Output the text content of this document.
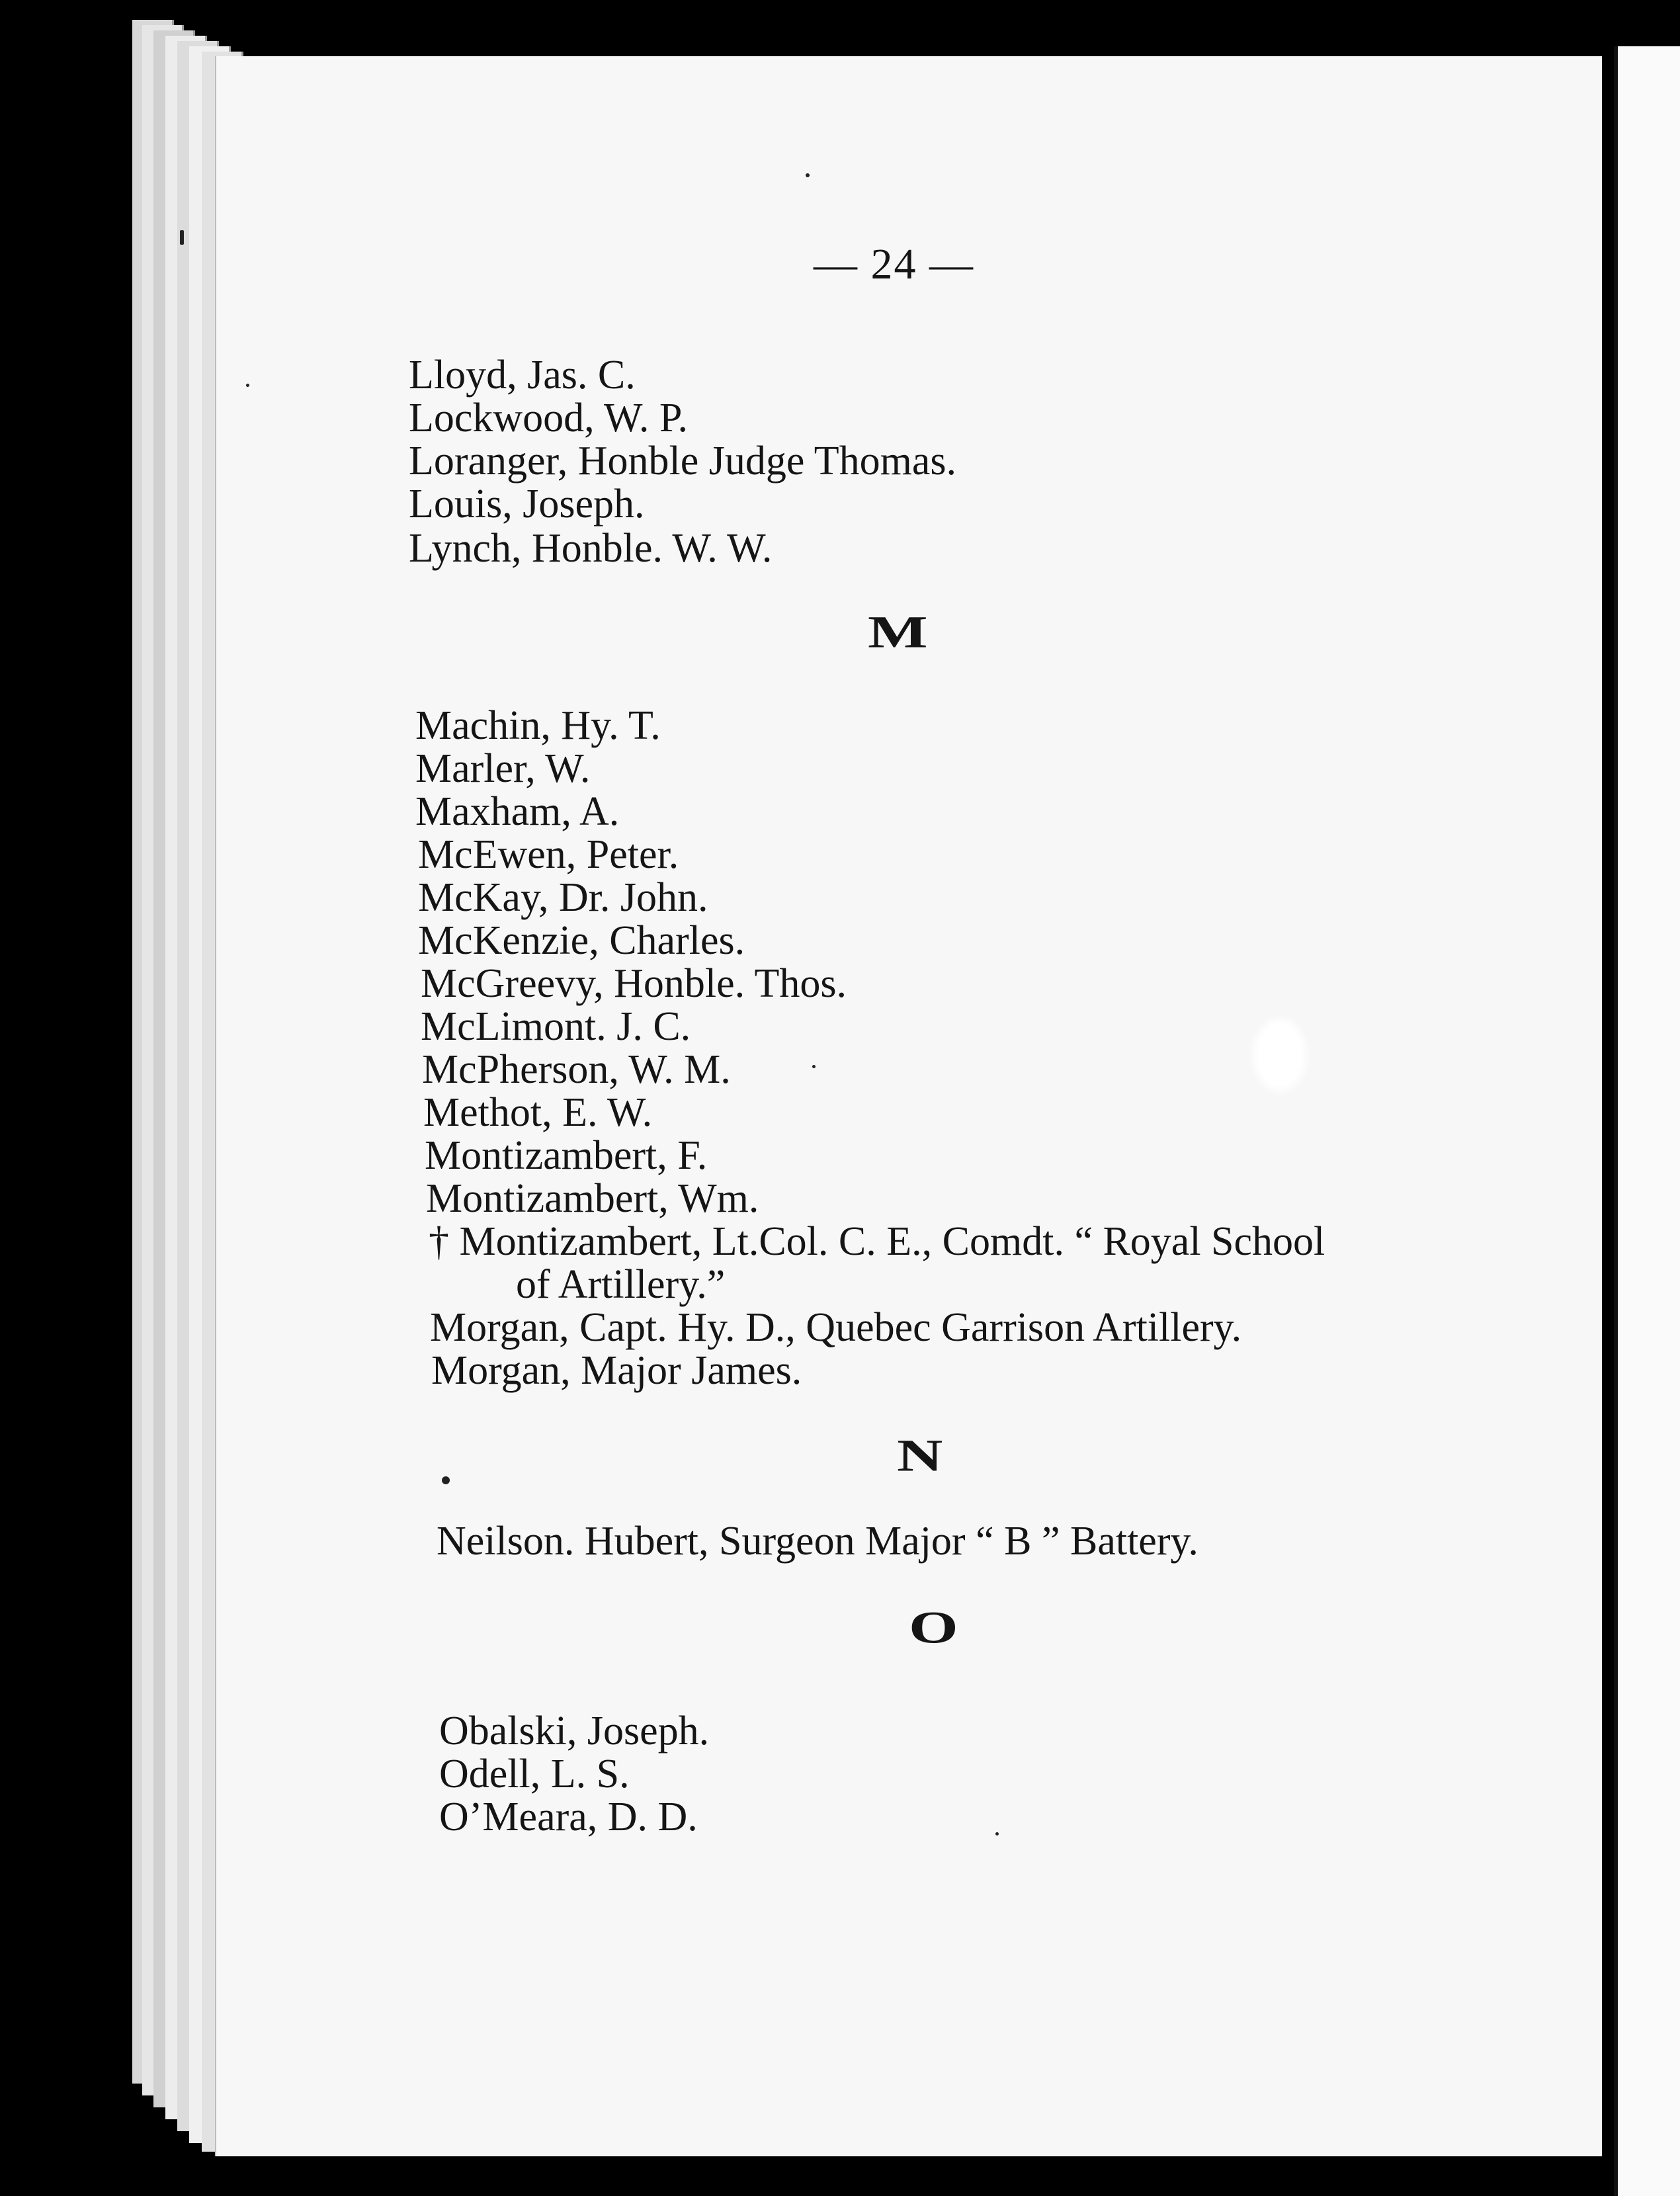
— 24 —
Lloyd, Jas. C.
Lockwood, W. P.
Loranger, Honble Judge Thomas.
Louis, Joseph.
Lynch, Honble. W. W.
M
Machin, Hy. T.
Marler, W.
Maxham, A.
McEwen, Peter.
McKay, Dr. John.
McKenzie, Charles.
McGreevy, Honble. Thos.
McLimont. J. C.
McPherson, W. M.
Methot, E. W.
Montizambert, F.
Montizambert, Wm.
† Montizambert, Lt.Col. C. E., Comdt. “ Royal School
of Artillery.”
Morgan, Capt. Hy. D., Quebec Garrison Artillery.
Morgan, Major James.
N
Neilson. Hubert, Surgeon Major “ B ” Battery.
O
Obalski, Joseph.
Odell, L. S.
O’Meara, D. D.
